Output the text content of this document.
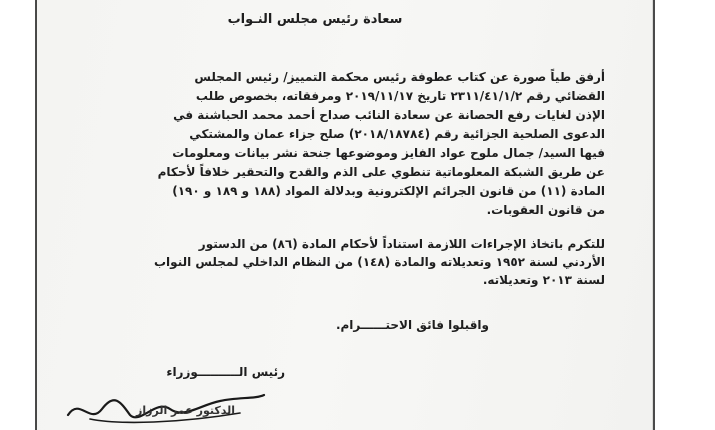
سعادة رئيس مجلس النـواب
أرفق طياً صورة عن كتاب عطوفة رئيس محكمة التمييز/ رئيس المجلس
القضائي رقم ٢٣١١/٤١/١/٢ تاريخ ٢٠١٩/١١/١٧ ومرفقاته، بخصوص طلب
الإذن لغايات رفع الحصانة عن سعادة النائب صداح أحمد محمد الحباشنة في
الدعوى الصلحية الجزائية رقم (٢٠١٨/١٨٧٨٤) صلح جزاء عمان والمشتكي
فيها السيد/ جمال ملوح عواد الفايز وموضوعها جنحة نشر بيانات ومعلومات
عن طريق الشبكة المعلوماتية تنطوي على الذم والقدح والتحقير خلافاً لأحكام
المادة (١١) من قانون الجرائم الإلكترونية وبدلالة المواد (١٨٨ و ١٨٩ و ١٩٠)
من قانون العقوبات.
للتكرم باتخاذ الإجراءات اللازمة استناداً لأحكام المادة (٨٦) من الدستور
الأردني لسنة ١٩٥٢ وتعديلاته والمادة (١٤٨) من النظام الداخلي لمجلس النواب
لسنة ٢٠١٣ وتعديلاته.
واقبلوا فائق الاحتــــــرام.
رئيس الــــــــــوزراء
الدكتور عمر الرزاز
